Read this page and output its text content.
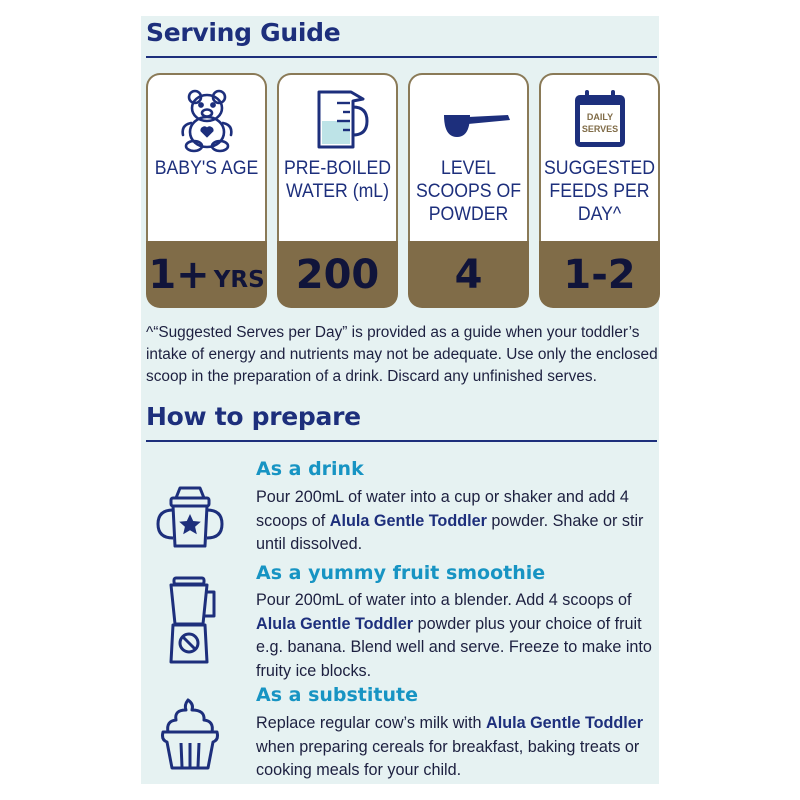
Serving Guide
BABY'S AGE
1+ YRS
PRE-BOILED WATER (mL)
200
LEVEL SCOOPS OF POWDER
4
DAILY
SERVES
SUGGESTED FEEDS PER DAY^
1-2

^“Suggested Serves per Day” is provided as a guide when your toddler’s intake of energy and nutrients may not be adequate. Use only the enclosed scoop in the preparation of a drink. Discard any unfinished serves.

How to prepare
As a drink

Pour 200mL of water into a cup or shaker and add 4 scoops of Alula Gentle Toddler powder. Shake or stir until dissolved.

As a yummy fruit smoothie

Pour 200mL of water into a blender. Add 4 scoops of Alula Gentle Toddler powder plus your choice of fruit e.g. banana. Blend well and serve. Freeze to make into fruity ice blocks.

As a substitute

Replace regular cow’s milk with Alula Gentle Toddler when preparing cereals for breakfast, baking treats or cooking meals for your child.
